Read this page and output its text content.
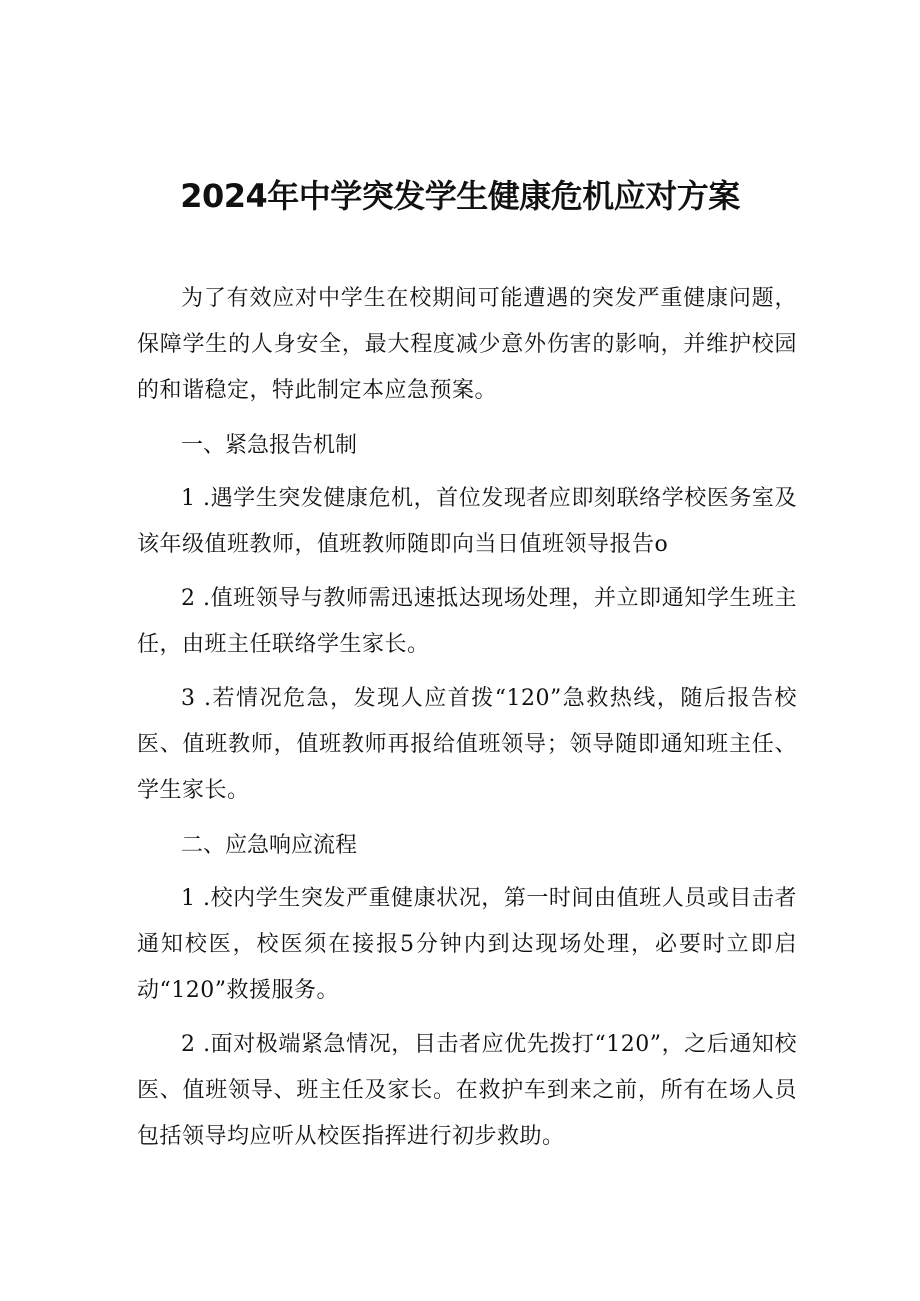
2024年中学突发学生健康危机应对方案

为了有效应对中学生在校期间可能遭遇的突发严重健康问题，保障学生的人身安全，最大程度减少意外伤害的影响，并维护校园的和谐稳定，特此制定本应急预案。

一、紧急报告机制

1 .遇学生突发健康危机，首位发现者应即刻联络学校医务室及该年级值班教师，值班教师随即向当日值班领导报告o

2 .值班领导与教师需迅速抵达现场处理，并立即通知学生班主任，由班主任联络学生家长。

3 .若情况危急，发现人应首拨“120”急救热线，随后报告校医、值班教师，值班教师再报给值班领导；领导随即通知班主任、学生家长。

二、应急响应流程

1 .校内学生突发严重健康状况，第一时间由值班人员或目击者通知校医，校医须在接报5分钟内到达现场处理，必要时立即启动“120”救援服务。

2 .面对极端紧急情况，目击者应优先拨打“120”，之后通知校医、值班领导、班主任及家长。在救护车到来之前，所有在场人员包括领导均应听从校医指挥进行初步救助。
